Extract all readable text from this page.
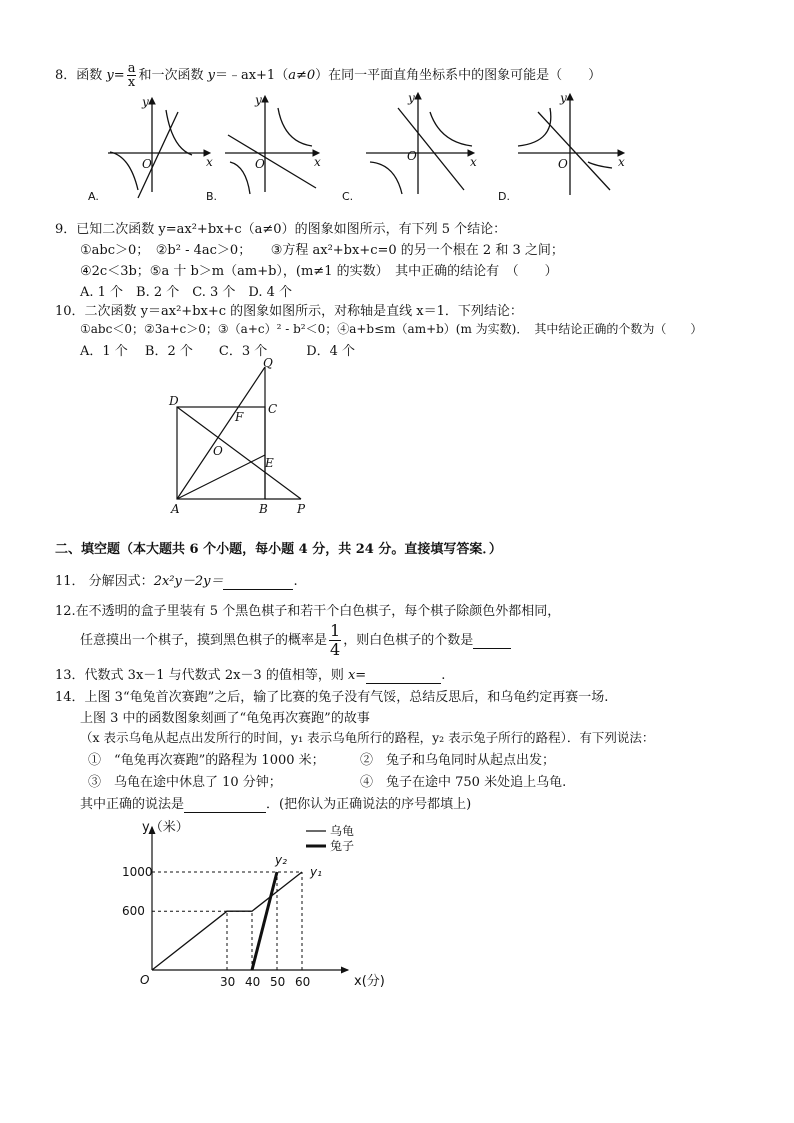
8．函数 $y= \frac{a}{x}$ 和一次函数 y＝﹣ax+1（a≠0）在同一平面直角坐标系中的图象可能是（　　）
y
x
O
y
x
O
y
x
O
y
x
O
A.	B.	C.	D.
9．已知二次函数 y=ax²+bx+c（a≠0）的图象如图所示，有下列 5 个结论：
①abc＞0；　②b² - 4ac＞0；　　③方程 ax²+bx+c=0 的另一个根在 2 和 3 之间；
④2c＜3b；⑤a 十 b＞m（am+b），(m≠1 的实数）　其中正确的结论有　（　　）
A. 1 个　B. 2 个　C. 3 个　D. 4 个
10．二次函数 y＝ax²+bx+c 的图象如图所示，对称轴是直线 x＝1．下列结论：
①abc＜0；②3a+c＞0；③（a+c）² - b²＜0；④a+b≤m（am+b）(m 为实数)．　其中结论正确的个数为（　　）
A．1 个　 B．2 个　　C．3 个　　　D．4 个
Q
D
C
F
O
E
A	B P
二、填空题（本大题共 6 个小题，每小题 4 分，共 24 分。直接填写答案．）
11． 分解因式：2x²y－2y＝	.
12.在不透明的盒子里装有 5 个黑色棋子和若干个白色棋子，每个棋子除颜色外都相同，
任意摸出一个棋子，摸到黑色棋子的概率是 $\frac{1}{4}$ ，则白色棋子的个数是
13．代数式 3x－1 与代数式 2x－3 的值相等，则 x=	.
14．上图 3“龟兔首次赛跑”之后，输了比赛的兔子没有气馁，总结反思后，和乌龟约定再赛一场.
上图 3 中的函数图象刻画了“龟兔再次赛跑”的故事
（x 表示乌龟从起点出发所行的时间，y₁ 表示乌龟所行的路程，y₂ 表示兔子所行的路程）．有下列说法：
①　“龟兔再次赛跑”的路程为 1000 米；	②　兔子和乌龟同时从起点出发；
③　乌龟在途中休息了 10 分钟；	④　兔子在途中 750 米处追上乌龟.
其中正确的说法是	．(把你认为正确说法的序号都填上)
y（米）
x(分)
O	30 40 50 60
600
1000	y₁
y₂
乌龟
兔子
